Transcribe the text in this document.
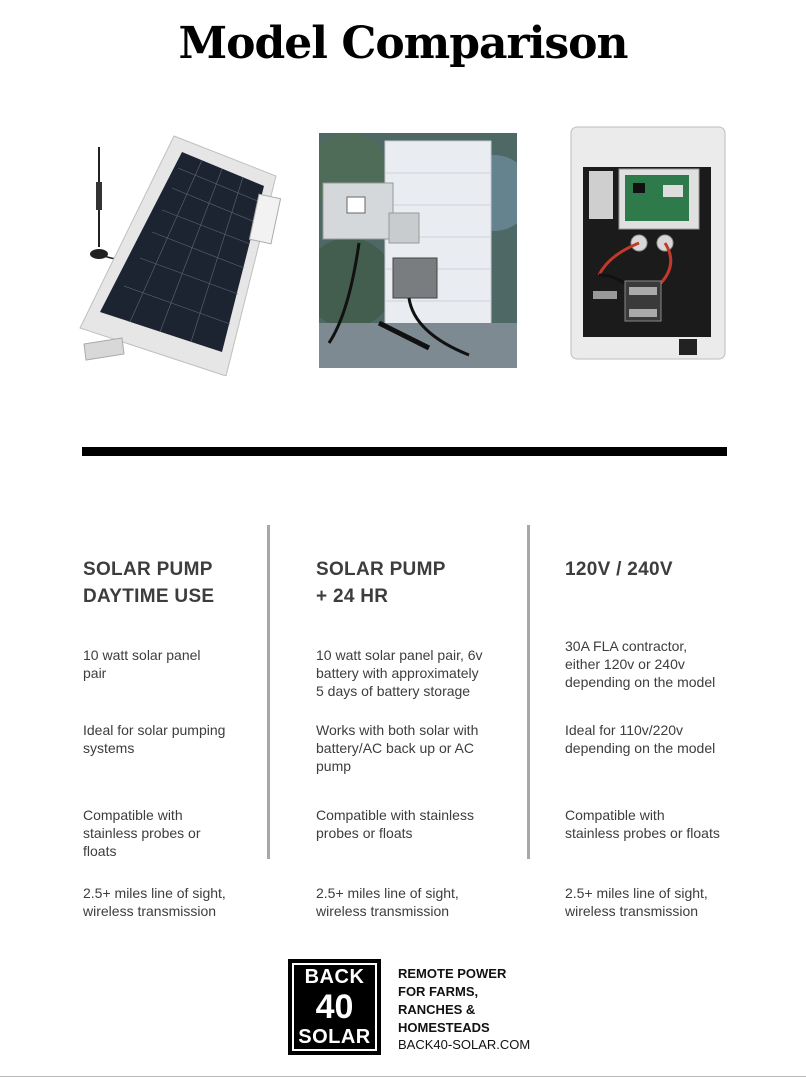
Model Comparison
SOLAR PUMP
DAYTIME USE
10 watt solar panel
pair
Ideal for solar pumping
systems
Compatible with
stainless probes or
floats
2.5+ miles line of sight,
wireless transmission
SOLAR PUMP
+ 24 HR
10 watt solar panel pair, 6v
battery with approximately
5 days of battery storage
Works with both solar with
battery/AC back up or AC
pump
Compatible with stainless
probes or floats
2.5+ miles line of sight,
wireless transmission
120V / 240V
30A FLA contractor,
either 120v or 240v
depending on the model
Ideal for 110v/220v
depending on the model
Compatible with
stainless probes or floats
2.5+ miles line of sight,
wireless transmission
BACK
40
SOLAR
REMOTE POWER
FOR FARMS,
RANCHES &
HOMESTEADS
BACK40-SOLAR.COM
